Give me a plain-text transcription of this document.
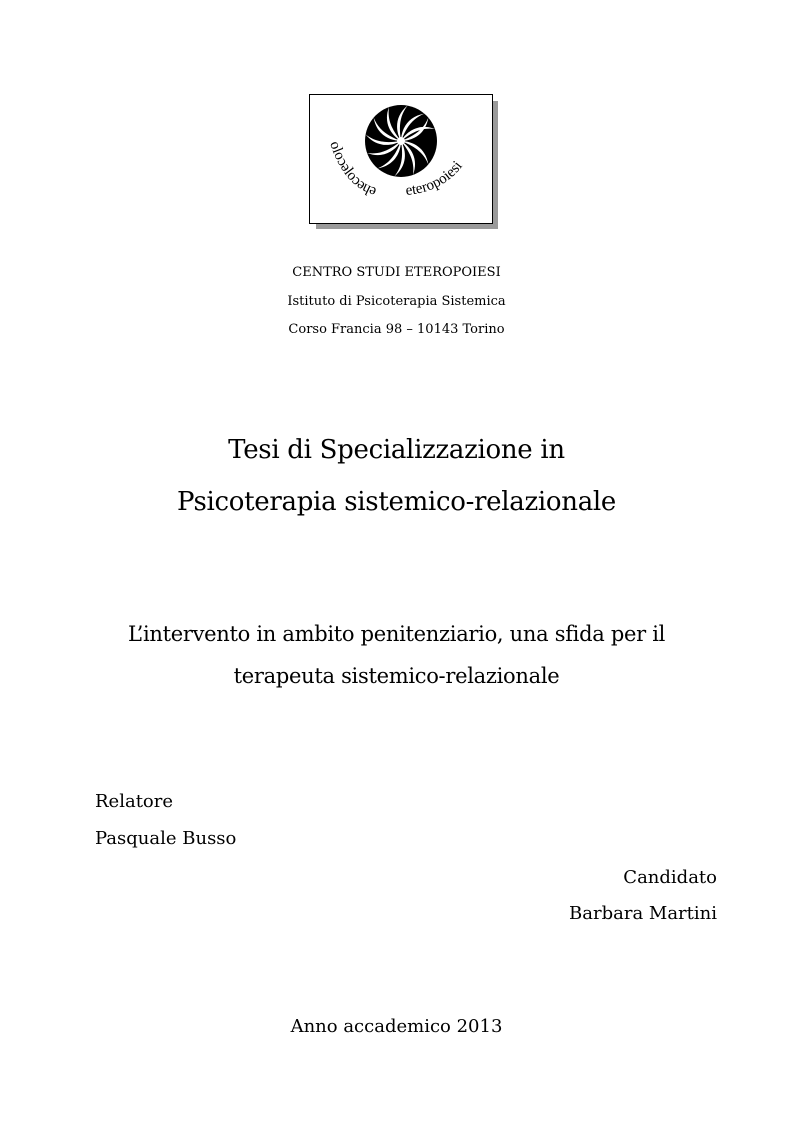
oloɔəloɔəɥə eteropoiesi
CENTRO STUDI ETEROPOIESI
Istituto di Psicoterapia Sistemica
Corso Francia 98 – 10143 Torino
Tesi di Specializzazione in
Psicoterapia sistemico-relazionale
L’intervento in ambito penitenziario, una sfida per il
terapeuta sistemico-relazionale
Relatore
Pasquale Busso
Candidato
Barbara Martini
Anno accademico 2013
